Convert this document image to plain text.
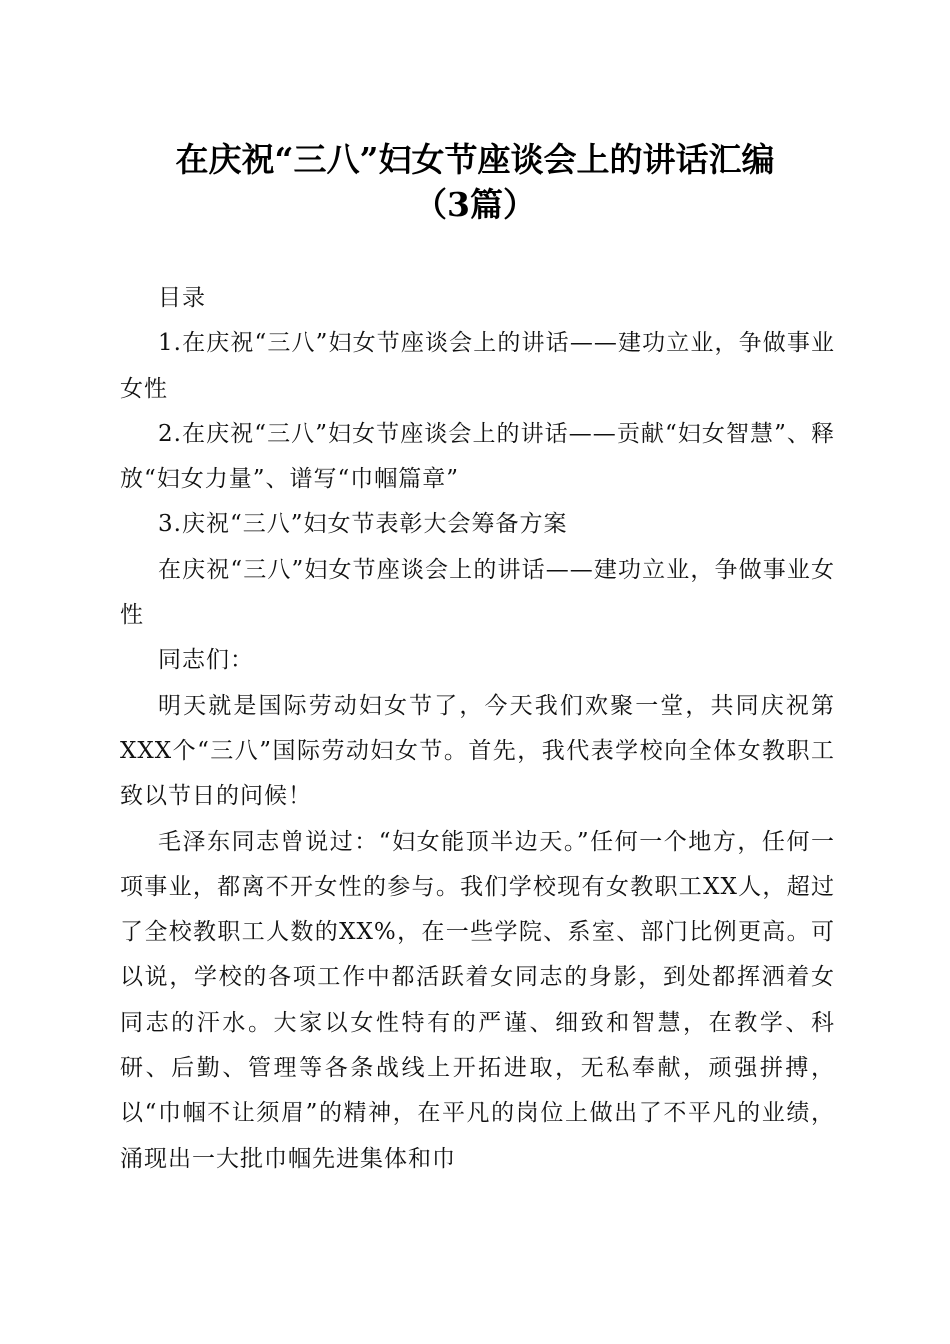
在庆祝“三八”妇女节座谈会上的讲话汇编
（3篇）

目录

1.在庆祝“三八”妇女节座谈会上的讲话——建功立业，争做事业女性

2.在庆祝“三八”妇女节座谈会上的讲话——贡献“妇女智慧”、释放“妇女力量”、谱写“巾帼篇章”

3.庆祝“三八”妇女节表彰大会筹备方案

在庆祝“三八”妇女节座谈会上的讲话——建功立业，争做事业女性

同志们：

明天就是国际劳动妇女节了，今天我们欢聚一堂，共同庆祝第XXX个“三八”国际劳动妇女节。首先，我代表学校向全体女教职工致以节日的问候！

毛泽东同志曾说过：“妇女能顶半边天。”任何一个地方，任何一项事业，都离不开女性的参与。我们学校现有女教职工XX人，超过了全校教职工人数的XX%，在一些学院、系室、部门比例更高。可以说，学校的各项工作中都活跃着女同志的身影，到处都挥洒着女同志的汗水。大家以女性特有的严谨、细致和智慧，在教学、科研、后勤、管理等各条战线上开拓进取，无私奉献，顽强拼搏，以“巾帼不让须眉”的精神，在平凡的岗位上做出了不平凡的业绩，涌现出一大批巾帼先进集体和巾
